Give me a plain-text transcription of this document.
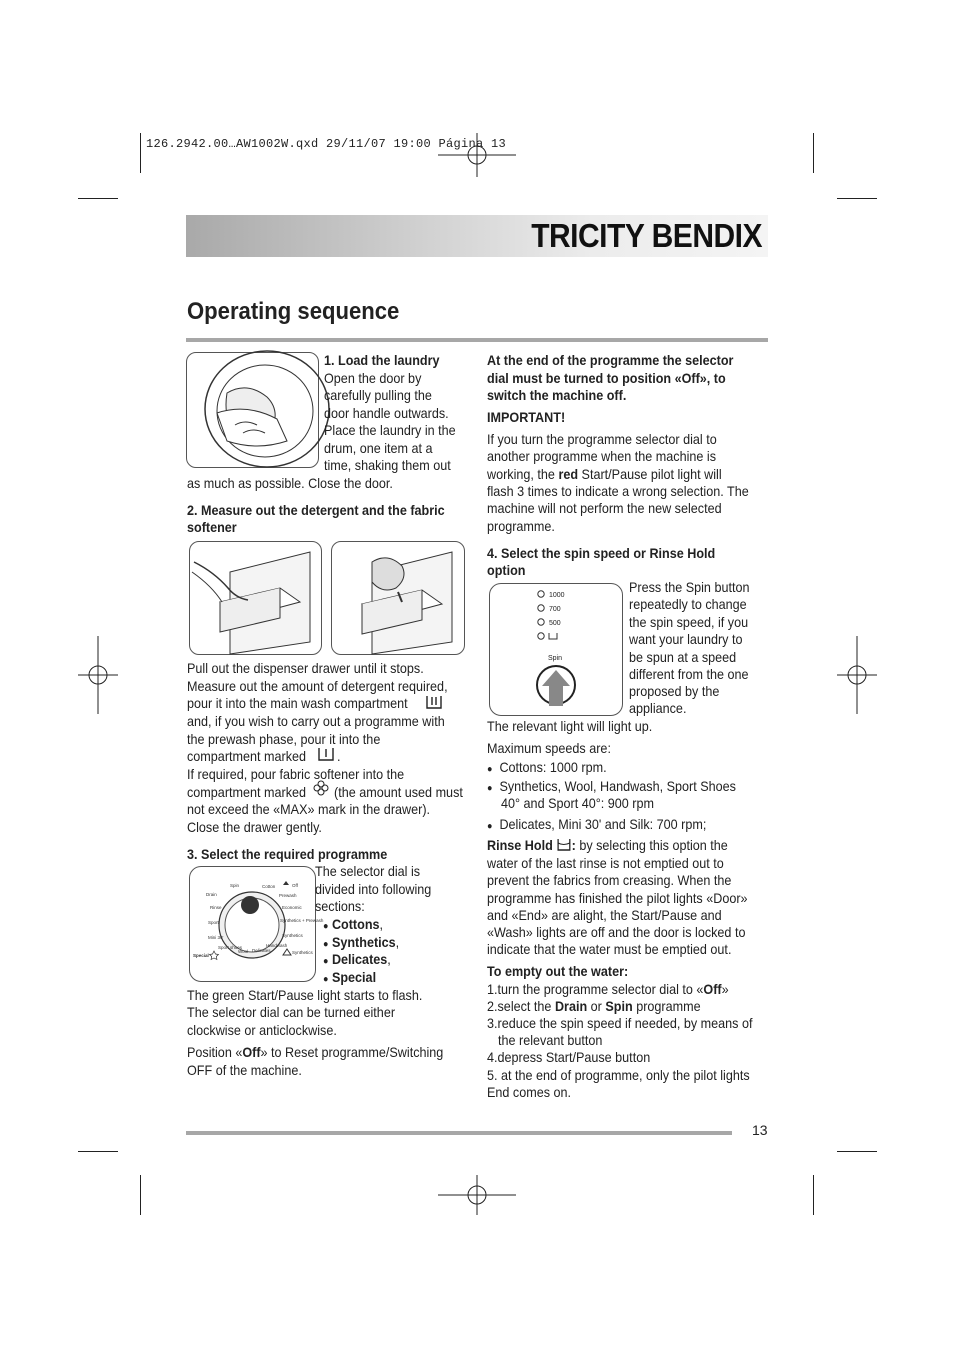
126.2942.00…AW1002W.qxd 29/11/07 19:00 Página 13
TRICITY BENDIX
Operating sequence
1. Load the laundry
Open the door by
carefully pulling the
door handle outwards.
Place the laundry in the
drum, one item at a
time, shaking them out
as much as possible. Close the door.
2. Measure out the detergent and the fabric
softener
Pull out the dispenser drawer until it stops.
Measure out the amount of detergent required,
pour it into the main wash compartment
and, if you wish to carry out a programme with
the prewash phase, pour it into the
compartment marked .
If required, pour fabric softener into the
compartment marked (the amount used must
not exceed the «MAX» mark in the drawer).
Close the drawer gently.
3. Select the required programme
Spin	Cotton	Off
Drain	Prewash
Rinse	Economic
Sport	Synthetics + Prewash
Mini 30'	Synthetics
Handwash
Sport shoes
Wool Delicates
Special
Synthetics
The selector dial is
divided into following
sections:
● Cottons,
● Synthetics,
● Delicates,
● Special
The green Start/Pause light starts to flash.
The selector dial can be turned either
clockwise or anticlockwise.
Position «Off» to Reset programme/Switching
OFF of the machine.
At the end of the programme the selector
dial must be turned to position «Off», to
switch the machine off.
IMPORTANT!
If you turn the programme selector dial to
another programme when the machine is
working, the red Start/Pause pilot light will
flash 3 times to indicate a wrong selection. The
machine will not perform the new selected
programme.
4. Select the spin speed or Rinse Hold
option
1000
700
500
Spin
Press the Spin button
repeatedly to change
the spin speed, if you
want your laundry to
be spun at a speed
different from the one
proposed by the
appliance.
The relevant light will light up.
Maximum speeds are:
● Cottons: 1000 rpm.
● Synthetics, Wool, Handwash, Sport Shoes
40° and Sport 40°: 900 rpm
● Delicates, Mini 30' and Silk: 700 rpm;
Rinse Hold : by selecting this option the
water of the last rinse is not emptied out to
prevent the fabrics from creasing. When the
programme has finished the pilot lights «Door»
and «End» are alight, the Start/Pause and
«Wash» lights are off and the door is locked to
indicate that the water must be emptied out.
To empty out the water:
1.turn the programme selector dial to «Off»
2.select the Drain or Spin programme
3.reduce the spin speed if needed, by means of
the relevant button
4.depress Start/Pause button
5. at the end of programme, only the pilot lights
End comes on.
13
